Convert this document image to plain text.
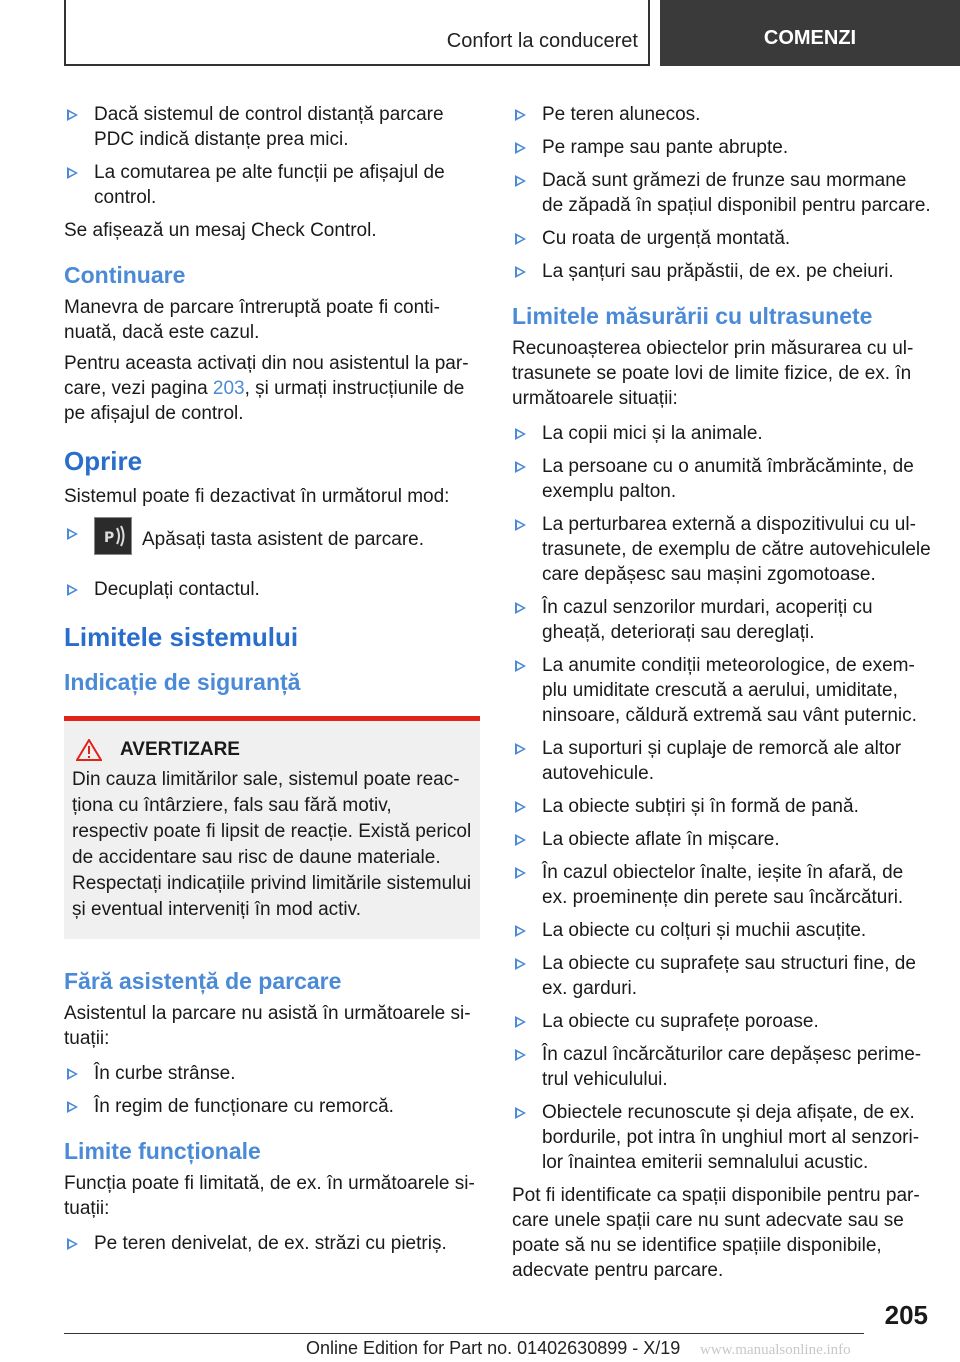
Confort la conduceret	COMENZI
Dacă sistemul de control distanță parcare PDC indică distanțe prea mici.
La comutarea pe alte funcții pe afișajul de control.

Se afișează un mesaj Check Control.

Continuare

Manevra de parcare întreruptă poate fi continuată, dacă este cazul.

Pentru aceasta activați din nou asistentul la parcare, vezi pagina 203, și urmați instrucțiunile de pe afișajul de control.

Oprire

Sistemul poate fi dezactivat în următorul mod:

P Apăsați tasta asistent de parcare.
Decuplați contactul.
Limitele sistemului
Indicație de siguranță
AVERTIZARE
Din cauza limitărilor sale, sistemul poate reacționa cu întârziere, fals sau fără motiv, respectiv poate fi lipsit de reacție. Există pericol de accidentare sau risc de daune materiale. Respectați indicațiile privind limitările sistemului și eventual interveniți în mod activ.
Fără asistență de parcare

Asistentul la parcare nu asistă în următoarele situații:

În curbe strânse.
În regim de funcționare cu remorcă.
Limite funcționale

Funcția poate fi limitată, de ex. în următoarele situații:

Pe teren denivelat, de ex. străzi cu pietriș.
Pe teren alunecos.
Pe rampe sau pante abrupte.
Dacă sunt grămezi de frunze sau mormane de zăpadă în spațiul disponibil pentru parcare.
Cu roata de urgență montată.
La șanțuri sau prăpăstii, de ex. pe cheiuri.
Limitele măsurării cu ultrasunete

Recunoașterea obiectelor prin măsurarea cu ultrasunete se poate lovi de limite fizice, de ex. în următoarele situații:

La copii mici și la animale.
La persoane cu o anumită îmbrăcăminte, de exemplu palton.
La perturbarea externă a dispozitivului cu ultrasunete, de exemplu de către autovehiculele care depășesc sau mașini zgomotoase.
În cazul senzorilor murdari, acoperiți cu gheață, deteriorați sau dereglați.
La anumite condiții meteorologice, de exemplu umiditate crescută a aerului, umiditate, ninsoare, căldură extremă sau vânt puternic.
La suporturi și cuplaje de remorcă ale altor autovehicule.
La obiecte subțiri și în formă de pană.
La obiecte aflate în mișcare.
În cazul obiectelor înalte, ieșite în afară, de ex. proeminențe din perete sau încărcături.
La obiecte cu colțuri și muchii ascuțite.
La obiecte cu suprafețe sau structuri fine, de ex. garduri.
La obiecte cu suprafețe poroase.
În cazul încărcăturilor care depășesc perimetrul vehiculului.
Obiectele recunoscute și deja afișate, de ex. bordurile, pot intra în unghiul mort al senzorilor înaintea emiterii semnalului acustic.

Pot fi identificate ca spații disponibile pentru parcare unele spații care nu sunt adecvate sau se poate să nu se identifice spațiile disponibile, adecvate pentru parcare.

205
Online Edition for Part no. 01402630899 - X/19 www.manualsonline.info
